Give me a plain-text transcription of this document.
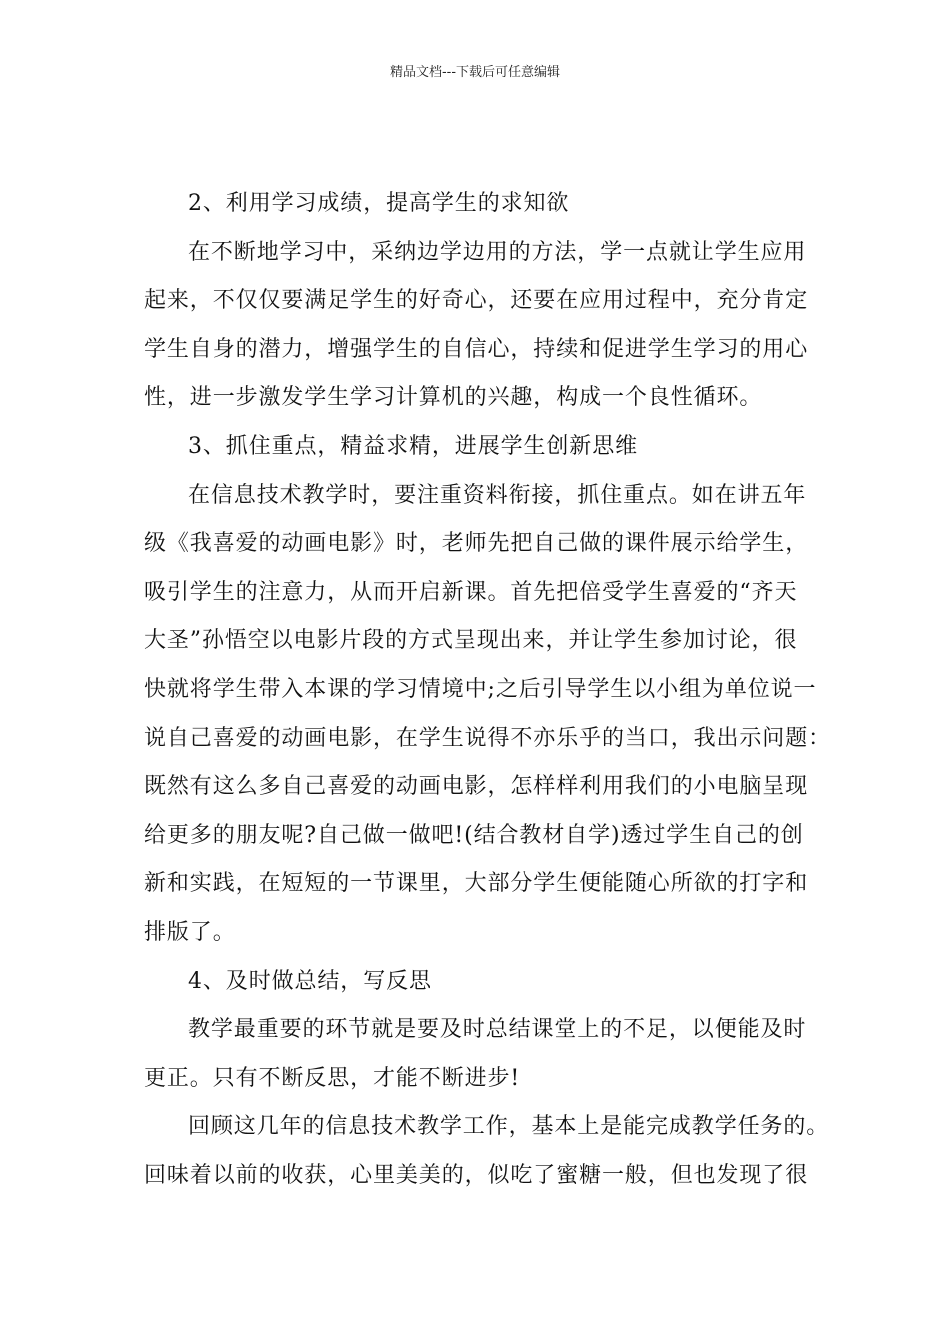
精品文档---下载后可任意编辑

2、利用学习成绩，提高学生的求知欲

在不断地学习中，采纳边学边用的方法，学一点就让学生应用
起来，不仅仅要满足学生的好奇心，还要在应用过程中，充分肯定
学生自身的潜力，增强学生的自信心，持续和促进学生学习的用心
性，进一步激发学生学习计算机的兴趣，构成一个良性循环。

3、抓住重点，精益求精，进展学生创新思维

在信息技术教学时，要注重资料衔接，抓住重点。如在讲五年
级《我喜爱的动画电影》时，老师先把自己做的课件展示给学生，
吸引学生的注意力，从而开启新课。首先把倍受学生喜爱的“齐天
大圣”孙悟空以电影片段的方式呈现出来，并让学生参加讨论，很
快就将学生带入本课的学习情境中;之后引导学生以小组为单位说一
说自己喜爱的动画电影，在学生说得不亦乐乎的当口，我出示问题：
既然有这么多自己喜爱的动画电影，怎样样利用我们的小电脑呈现
给更多的朋友呢?自己做一做吧!(结合教材自学)透过学生自己的创
新和实践，在短短的一节课里，大部分学生便能随心所欲的打字和
排版了。

4、及时做总结，写反思

教学最重要的环节就是要及时总结课堂上的不足，以便能及时
更正。只有不断反思，才能不断进步!

回顾这几年的信息技术教学工作，基本上是能完成教学任务的。
回味着以前的收获，心里美美的，似吃了蜜糖一般，但也发现了很
